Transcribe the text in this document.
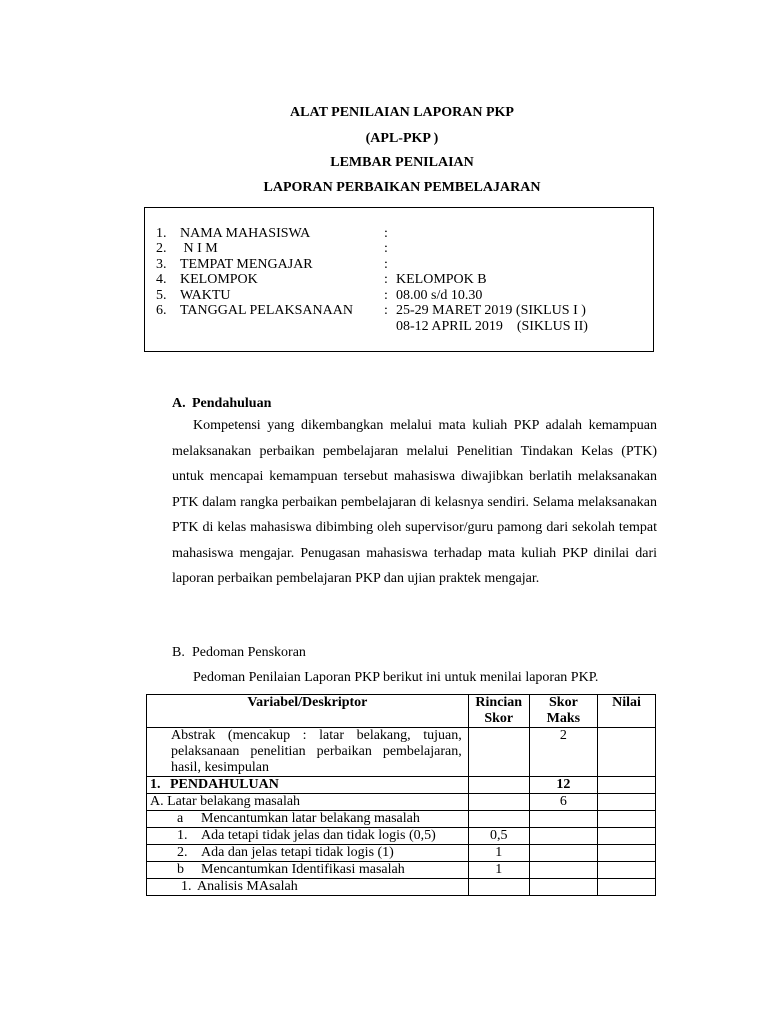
ALAT PENILAIAN LAPORAN PKP
(APL-PKP )
LEMBAR PENILAIAN
LAPORAN PERBAIKAN PEMBELAJARAN
1. NAMA MAHASISWA	:
2. N I M	:
3. TEMPAT MENGAJAR	:
4. KELOMPOK	: KELOMPOK B
5. WAKTU	: 08.00 s/d 10.30
6. TANGGAL PELAKSANAAN : 25-29 MARET 2019 (SIKLUS I )
08-12 APRIL 2019    (SIKLUS II)
A. Pendahuluan
Kompetensi yang dikembangkan melalui mata kuliah PKP adalah kemampuan melaksanakan perbaikan pembelajaran melalui Penelitian Tindakan Kelas (PTK) untuk mencapai kemampuan tersebut mahasiswa diwajibkan berlatih melaksanakan PTK dalam rangka perbaikan pembelajaran di kelasnya sendiri. Selama melaksanakan PTK di kelas mahasiswa dibimbing oleh supervisor/guru pamong dari sekolah tempat mahasiswa mengajar. Penugasan mahasiswa terhadap mata kuliah PKP dinilai dari laporan perbaikan pembelajaran PKP dan ujian praktek mengajar.
B. Pedoman Penskoran
Pedoman Penilaian Laporan PKP berikut ini untuk menilai laporan PKP.
Variabel/Deskriptor	Rincian Skor	Skor Maks	Nilai
Abstrak (mencakup : latar belakang, tujuan, pelaksanaan penelitian perbaikan pembelajaran, hasil, kesimpulan		2	
1. PENDAHULUAN		12	
A. Latar belakang masalah		6	
a Mencantumkan latar belakang masalah			

1. Ada tetapi tidak jelas dan tidak logis (0,5)	0,5		
2. Ada dan jelas tetapi tidak logis (1)	1		
b Mencantumkan Identifikasi masalah	1		
1. Analisis MAsalah			
